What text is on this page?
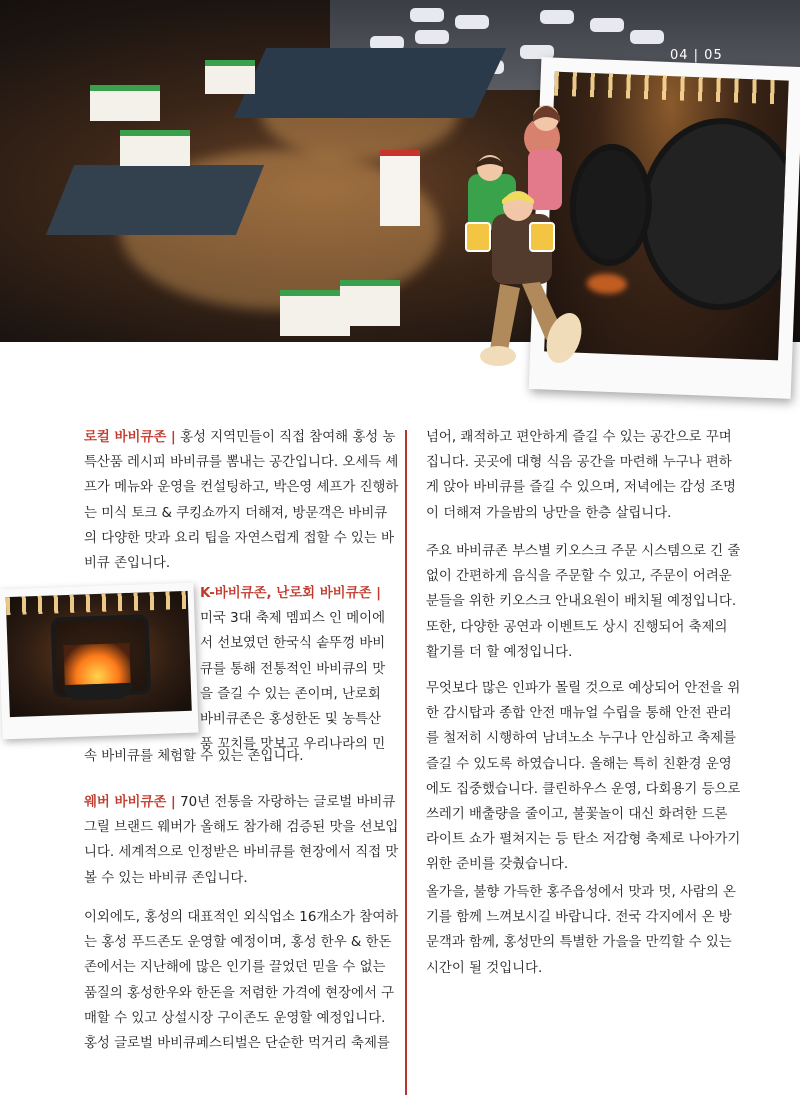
04 | 05
로컬 바비큐존 | 홍성 지역민들이 직접 참여해 홍성 농
특산품 레시피 바비큐를 뽐내는 공간입니다. 오세득 셰
프가 메뉴와 운영을 컨설팅하고, 박은영 셰프가 진행하
는 미식 토크 & 쿠킹쇼까지 더해져, 방문객은 바비큐
의 다양한 맛과 요리 팁을 자연스럽게 접할 수 있는 바
비큐 존입니다.
K-바비큐존, 난로회 바비큐존 |
미국 3대 축제 멤피스 인 메이에
서 선보였던 한국식 솥뚜껑 바비
큐를 통해 전통적인 바비큐의 맛
을 즐길 수 있는 존이며, 난로회
바비큐존은 홍성한돈 및 농특산
품 꼬치를 맛보고 우리나라의 민
속 바비큐를 체험할 수 있는 존입니다.
웨버 바비큐존 | 70년 전통을 자랑하는 글로벌 바비큐
그릴 브랜드 웨버가 올해도 참가해 검증된 맛을 선보입
니다. 세계적으로 인정받은 바비큐를 현장에서 직접 맛
볼 수 있는 바비큐 존입니다.
이외에도, 홍성의 대표적인 외식업소 16개소가 참여하
는 홍성 푸드존도 운영할 예정이며, 홍성 한우 & 한돈
존에서는 지난해에 많은 인기를 끌었던 믿을 수 없는
품질의 홍성한우와 한돈을 저렴한 가격에 현장에서 구
매할 수 있고 상설시장 구이존도 운영할 예정입니다.
홍성 글로벌 바비큐페스티벌은 단순한 먹거리 축제를
넘어, 쾌적하고 편안하게 즐길 수 있는 공간으로 꾸며
집니다. 곳곳에 대형 식음 공간을 마련해 누구나 편하
게 앉아 바비큐를 즐길 수 있으며, 저녁에는 감성 조명
이 더해져 가을밤의 낭만을 한층 살립니다.
주요 바비큐존 부스별 키오스크 주문 시스템으로 긴 줄
없이 간편하게 음식을 주문할 수 있고, 주문이 어려운
분들을 위한 키오스크 안내요원이 배치될 예정입니다.
또한, 다양한 공연과 이벤트도 상시 진행되어 축제의
활기를 더 할 예정입니다.
무엇보다 많은 인파가 몰릴 것으로 예상되어 안전을 위
한 감시탑과 종합 안전 매뉴얼 수립을 통해 안전 관리
를 철저히 시행하여 남녀노소 누구나 안심하고 축제를
즐길 수 있도록 하였습니다. 올해는 특히 친환경 운영
에도 집중했습니다. 클린하우스 운영, 다회용기 등으로
쓰레기 배출량을 줄이고, 불꽃놀이 대신 화려한 드론
라이트 쇼가 펼쳐지는 등 탄소 저감형 축제로 나아가기
위한 준비를 갖췄습니다.
올가을, 불향 가득한 홍주읍성에서 맛과 멋, 사람의 온
기를 함께 느껴보시길 바랍니다. 전국 각지에서 온 방
문객과 함께, 홍성만의 특별한 가을을 만끽할 수 있는
시간이 될 것입니다.
